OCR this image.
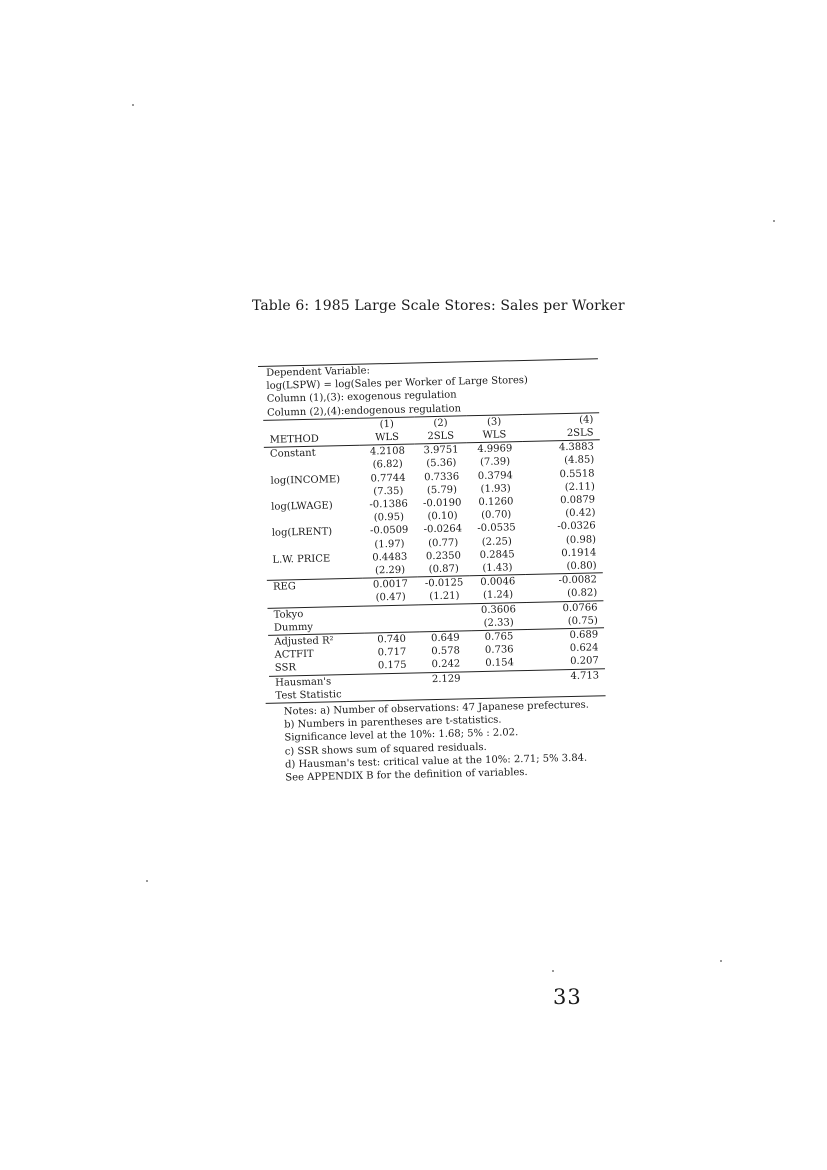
Table 6: 1985 Large Scale Stores: Sales per Worker
Dependent Variable:
log(LSPW) = log(Sales per Worker of Large Stores)
Column (1),(3): exogenous regulation
Column (2),(4):endogenous regulation
	(1)	(2)	(3)	(4)
METHOD	WLS	2SLS	WLS	2SLS
Constant	4.2108	3.9751	4.9969	4.3883
	(6.82)	(5.36)	(7.39)	(4.85)
log(INCOME)	0.7744	0.7336	0.3794	0.5518
	(7.35)	(5.79)	(1.93)	(2.11)
log(LWAGE)	-0.1386	-0.0190	0.1260	0.0879
	(0.95)	(0.10)	(0.70)	(0.42)
log(LRENT)	-0.0509	-0.0264	-0.0535	-0.0326
	(1.97)	(0.77)	(2.25)	(0.98)
L.W. PRICE	0.4483	0.2350	0.2845	0.1914
	(2.29)	(0.87)	(1.43)	(0.80)
REG	0.0017	-0.0125	0.0046	-0.0082
	(0.47)	(1.21)	(1.24)	(0.82)
Tokyo			0.3606	0.0766
Dummy			(2.33)	(0.75)
Adjusted R²	0.740	0.649	0.765	0.689
ACTFIT	0.717	0.578	0.736	0.624
SSR	0.175	0.242	0.154	0.207
Hausman's		2.129		4.713
Test Statistic				
Notes: a) Number of observations: 47 Japanese prefectures.
b) Numbers in parentheses are t-statistics.
Significance level at the 10%: 1.68; 5% : 2.02.
c) SSR shows sum of squared residuals.
d) Hausman's test: critical value at the 10%: 2.71; 5% 3.84.
See APPENDIX B for the definition of variables.
33
